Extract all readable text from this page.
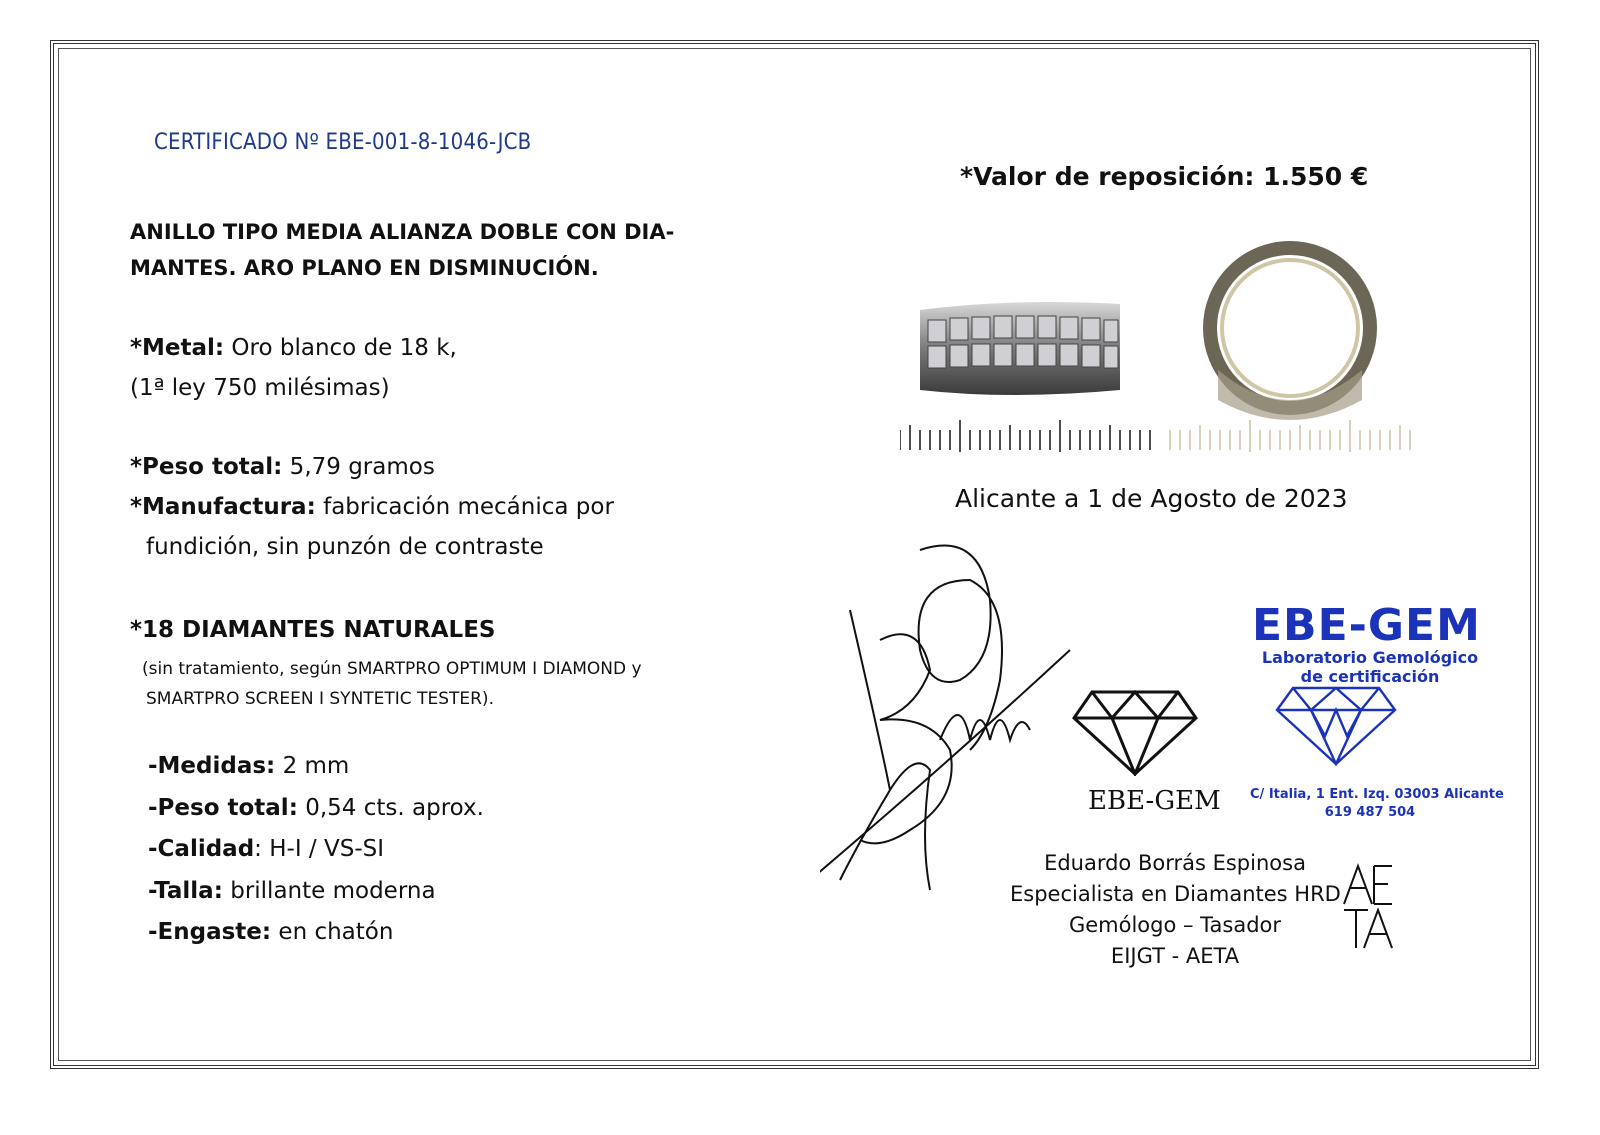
CERTIFICADO Nº EBE-001-8-1046-JCB
ANILLO TIPO MEDIA ALIANZA DOBLE CON DIA-
MANTES. ARO PLANO EN DISMINUCIÓN.
*Metal: Oro blanco de 18 k,
(1ª ley 750 milésimas)
*Peso total: 5,79 gramos
*Manufactura: fabricación mecánica por
fundición, sin punzón de contraste
*18 DIAMANTES NATURALES
(sin tratamiento, según SMARTPRO OPTIMUM I DIAMOND y
SMARTPRO SCREEN I SYNTETIC TESTER).
-Medidas: 2 mm
-Peso total: 0,54 cts. aprox.
-Calidad: H-I / VS-SI
-Talla: brillante moderna
-Engaste: en chatón
*Valor de reposición: 1.550 €
Alicante a 1 de Agosto de 2023
EBE-GEM
EBE-GEM
Laboratorio Gemológico
de certificación
C/ Italia, 1 Ent. Izq. 03003 Alicante
619 487 504
Eduardo Borrás Espinosa
Especialista en Diamantes HRD
Gemólogo – Tasador
EIJGT - AETA
